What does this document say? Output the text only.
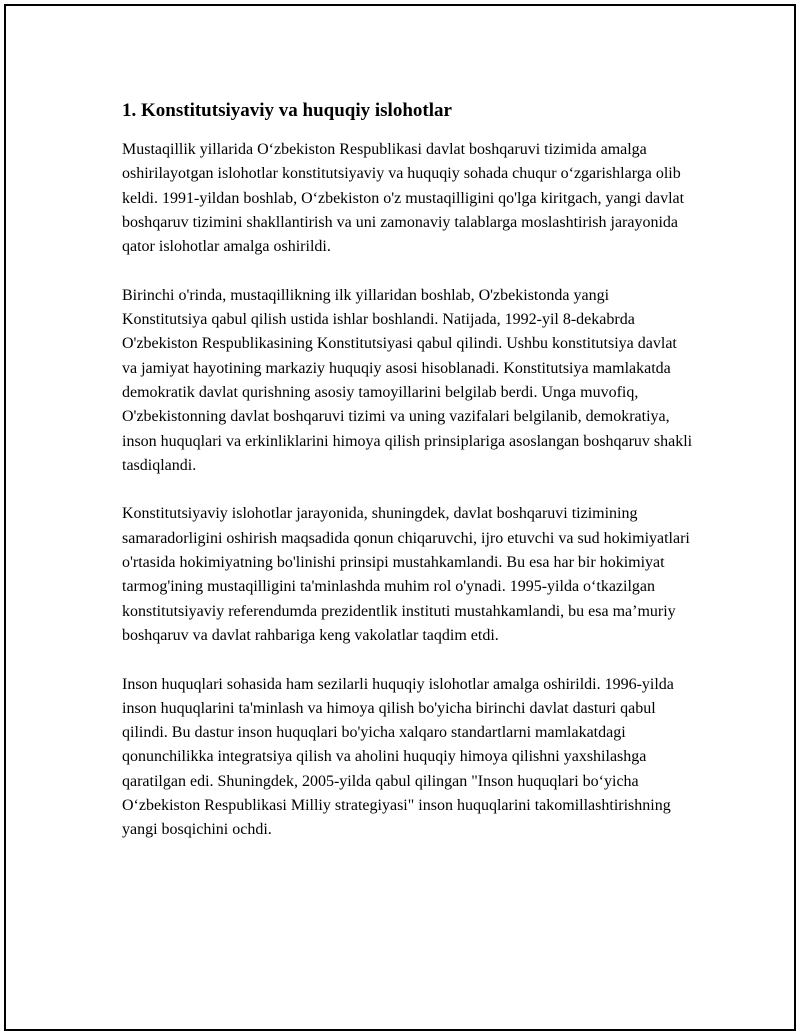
1. Konstitutsiyaviy va huquqiy islohotlar

Mustaqillik yillarida O‘zbekiston Respublikasi davlat boshqaruvi tizimida amalga oshirilayotgan islohotlar konstitutsiyaviy va huquqiy sohada chuqur o‘zgarishlarga olib keldi. 1991-yildan boshlab, O‘zbekiston o'z mustaqilligini qo'lga kiritgach, yangi davlat boshqaruv tizimini shakllantirish va uni zamonaviy talablarga moslashtirish jarayonida qator islohotlar amalga oshirildi.

Birinchi o'rinda, mustaqillikning ilk yillaridan boshlab, O'zbekistonda yangi Konstitutsiya qabul qilish ustida ishlar boshlandi. Natijada, 1992-yil 8-dekabrda O'zbekiston Respublikasining Konstitutsiyasi qabul qilindi. Ushbu konstitutsiya davlat va jamiyat hayotining markaziy huquqiy asosi hisoblanadi. Konstitutsiya mamlakatda demokratik davlat qurishning asosiy tamoyillarini belgilab berdi. Unga muvofiq, O'zbekistonning davlat boshqaruvi tizimi va uning vazifalari belgilanib, demokratiya, inson huquqlari va erkinliklarini himoya qilish prinsiplariga asoslangan boshqaruv shakli tasdiqlandi.

Konstitutsiyaviy islohotlar jarayonida, shuningdek, davlat boshqaruvi tizimining samaradorligini oshirish maqsadida qonun chiqaruvchi, ijro etuvchi va sud hokimiyatlari o'rtasida hokimiyatning bo'linishi prinsipi mustahkamlandi. Bu esa har bir hokimiyat tarmog'ining mustaqilligini ta'minlashda muhim rol o'ynadi. 1995-yilda o‘tkazilgan konstitutsiyaviy referendumda prezidentlik instituti mustahkamlandi, bu esa ma’muriy boshqaruv va davlat rahbariga keng vakolatlar taqdim etdi.

Inson huquqlari sohasida ham sezilarli huquqiy islohotlar amalga oshirildi. 1996-yilda inson huquqlarini ta'minlash va himoya qilish bo'yicha birinchi davlat dasturi qabul qilindi. Bu dastur inson huquqlari bo'yicha xalqaro standartlarni mamlakatdagi qonunchilikka integratsiya qilish va aholini huquqiy himoya qilishni yaxshilashga qaratilgan edi. Shuningdek, 2005-yilda qabul qilingan "Inson huquqlari bo‘yicha O‘zbekiston Respublikasi Milliy strategiyasi" inson huquqlarini takomillashtirishning yangi bosqichini ochdi.
